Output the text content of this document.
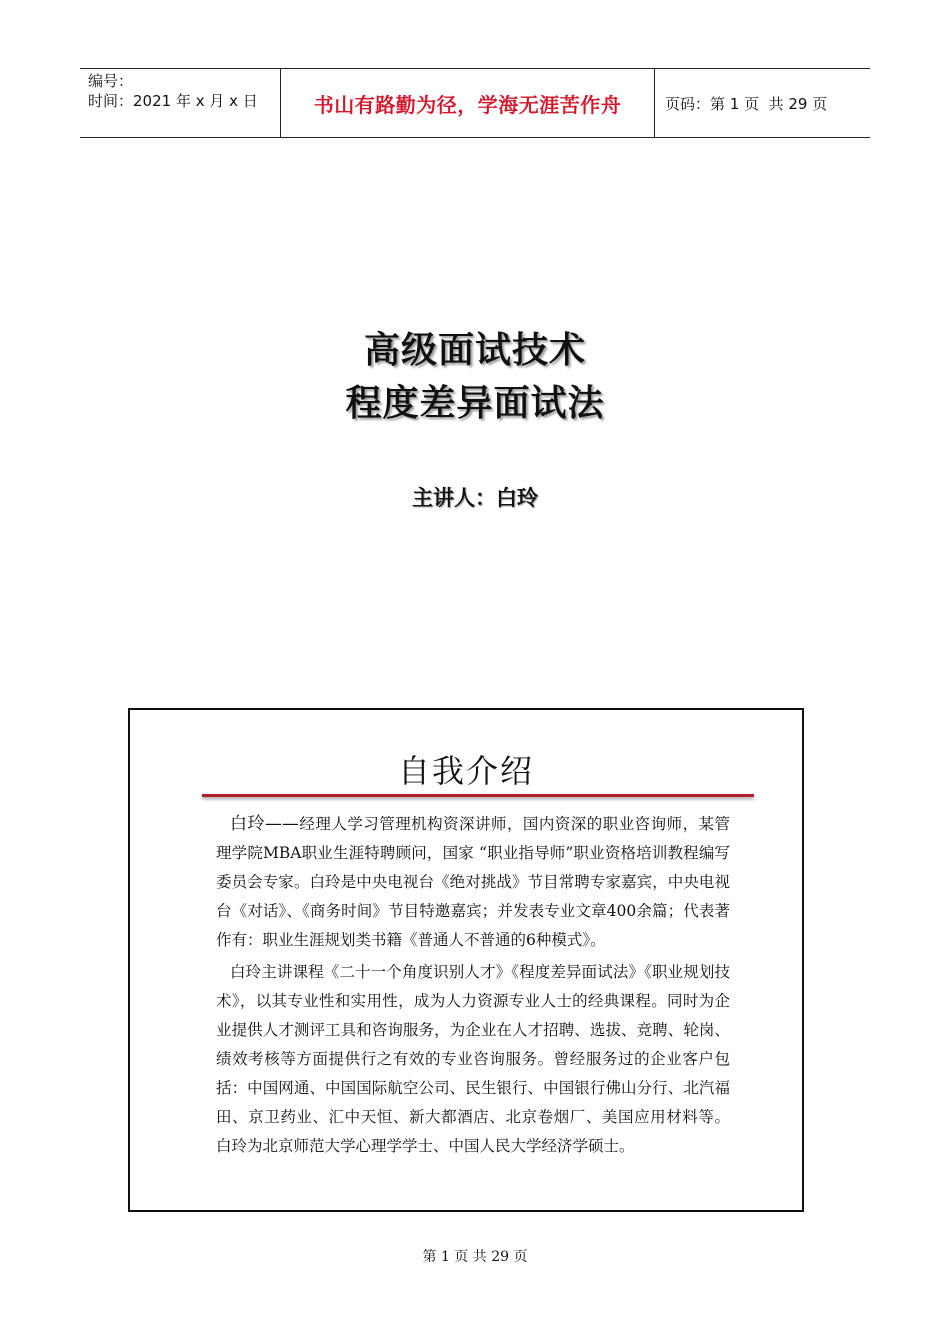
编号：
时间：2021 年 x 月 x 日	书山有路勤为径，学海无涯苦作舟	页码：第 1 页  共 29 页
高级面试技术
程度差异面试法
主讲人：白玲
自我介绍

白玲——经理人学习管理机构资深讲师，国内资深的职业咨询师，某管理学院MBA职业生涯特聘顾问，国家 “职业指导师”职业资格培训教程编写委员会专家。白玲是中央电视台《绝对挑战》节目常聘专家嘉宾，中央电视台《对话》、《商务时间》节目特邀嘉宾；并发表专业文章400余篇；代表著作有：职业生涯规划类书籍《普通人不普通的6种模式》。

白玲主讲课程《二十一个角度识别人才》《程度差异面试法》《职业规划技术》，以其专业性和实用性，成为人力资源专业人士的经典课程。同时为企业提供人才测评工具和咨询服务，为企业在人才招聘、选拔、竞聘、轮岗、绩效考核等方面提供行之有效的专业咨询服务。曾经服务过的企业客户包括：中国网通、中国国际航空公司、民生银行、中国银行佛山分行、北汽福田、京卫药业、汇中天恒、新大都酒店、北京卷烟厂、美国应用材料等。 白玲为北京师范大学心理学学士、中国人民大学经济学硕士。

第 1 页 共 29 页
